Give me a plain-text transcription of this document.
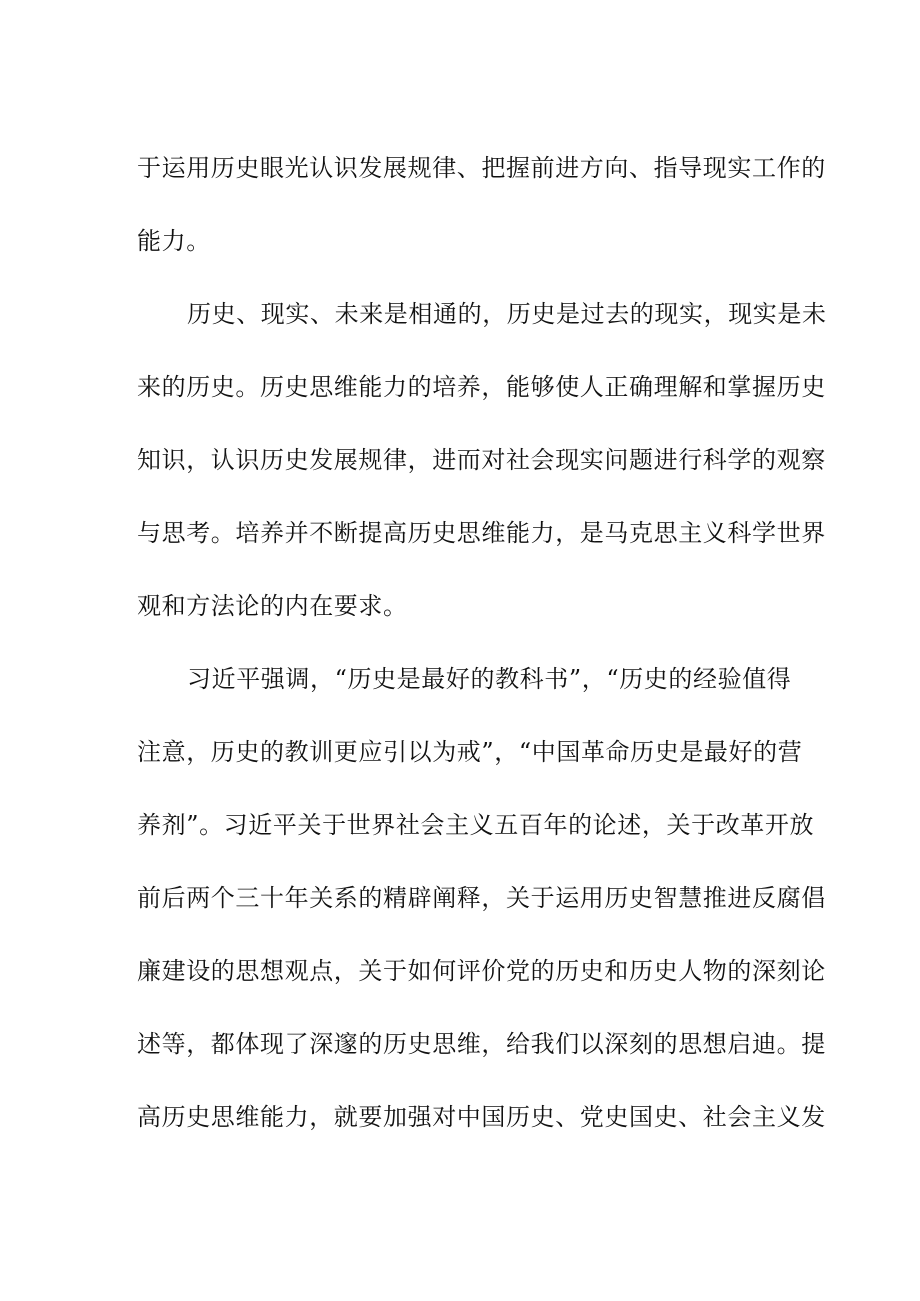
于运用历史眼光认识发展规律、把握前进方向、指导现实工作的
能力。
历史、现实、未来是相通的，历史是过去的现实，现实是未
来的历史。历史思维能力的培养，能够使人正确理解和掌握历史
知识，认识历史发展规律，进而对社会现实问题进行科学的观察
与思考。培养并不断提高历史思维能力，是马克思主义科学世界
观和方法论的内在要求。
习近平强调，“历史是最好的教科书”，“历史的经验值得
注意，历史的教训更应引以为戒”，“中国革命历史是最好的营
养剂”。习近平关于世界社会主义五百年的论述，关于改革开放
前后两个三十年关系的精辟阐释，关于运用历史智慧推进反腐倡
廉建设的思想观点，关于如何评价党的历史和历史人物的深刻论
述等，都体现了深邃的历史思维，给我们以深刻的思想启迪。提
高历史思维能力，就要加强对中国历史、党史国史、社会主义发
